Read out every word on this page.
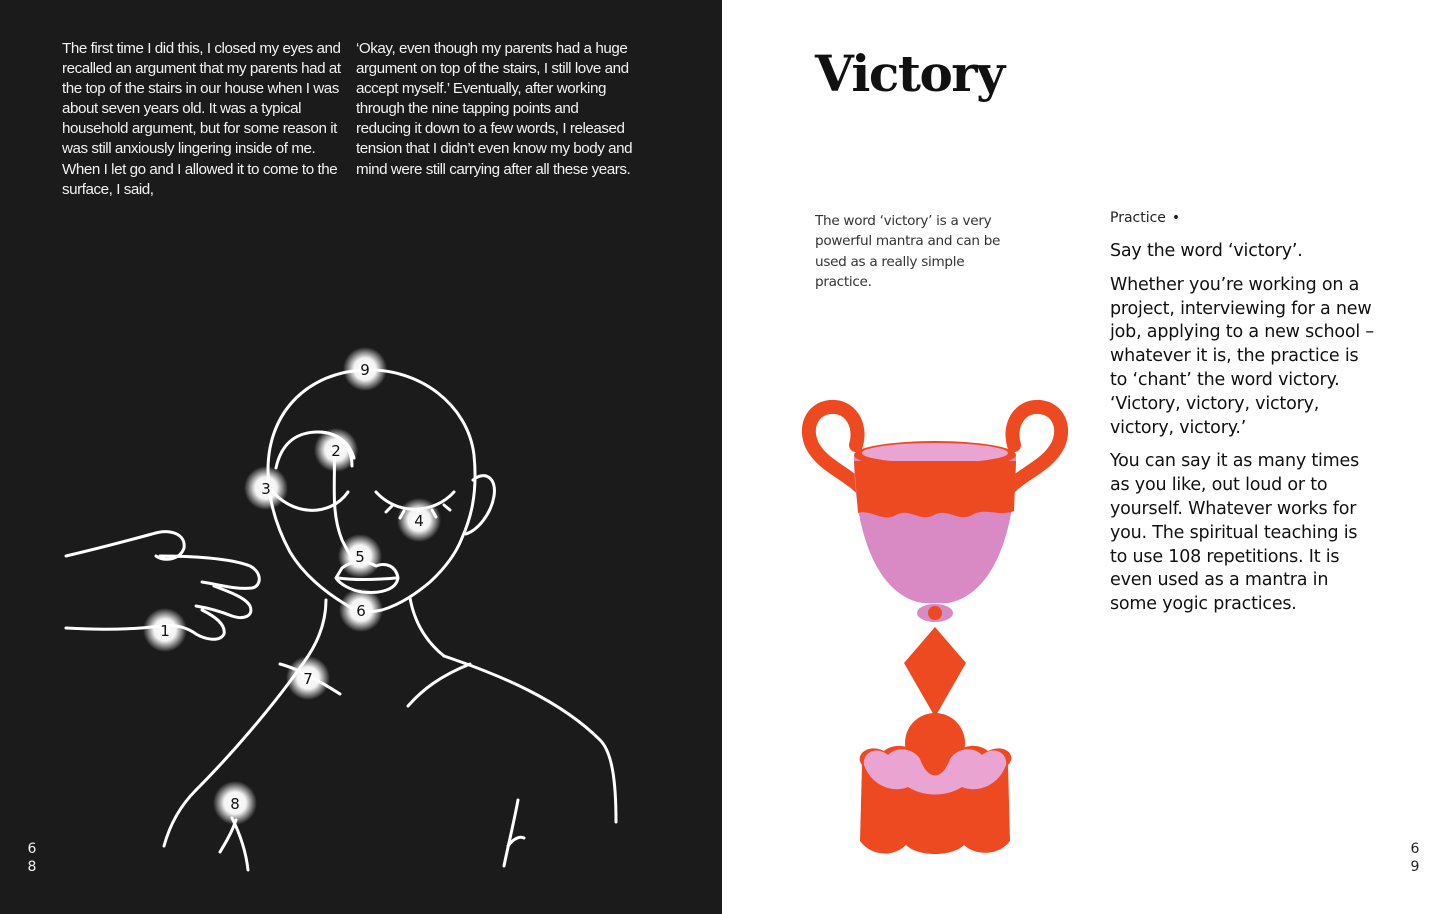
The first time I did this, I closed my eyes and recalled an argument that my parents had at the top of the stairs in our house when I was about seven years old. It was a typical household argument, but for some reason it was still anxiously lingering inside of me. When I let go and I allowed it to come to the surface, I said,
‘Okay, even though my parents had a huge argument on top of the stairs, I still love and accept myself.’ Eventually, after working through the nine tapping points and reducing it down to a few words, I released tension that I didn’t even know my body and mind were still carrying after all these years.
1
2
3
4
5
6
7
8
9
68
Victory
The word ‘victory’ is a very powerful mantra and can be used as a really simple practice.
Practice •

Say the word ‘victory’.

Whether you’re working on a project, interviewing for a new job, applying to a new school – whatever it is, the practice is to ‘chant’ the word victory. ‘Victory, victory, victory, victory, victory.’

You can say it as many times as you like, out loud or to yourself. Whatever works for you. The spiritual teaching is to use 108 repetitions. It is even used as a mantra in some yogic practices.

69
